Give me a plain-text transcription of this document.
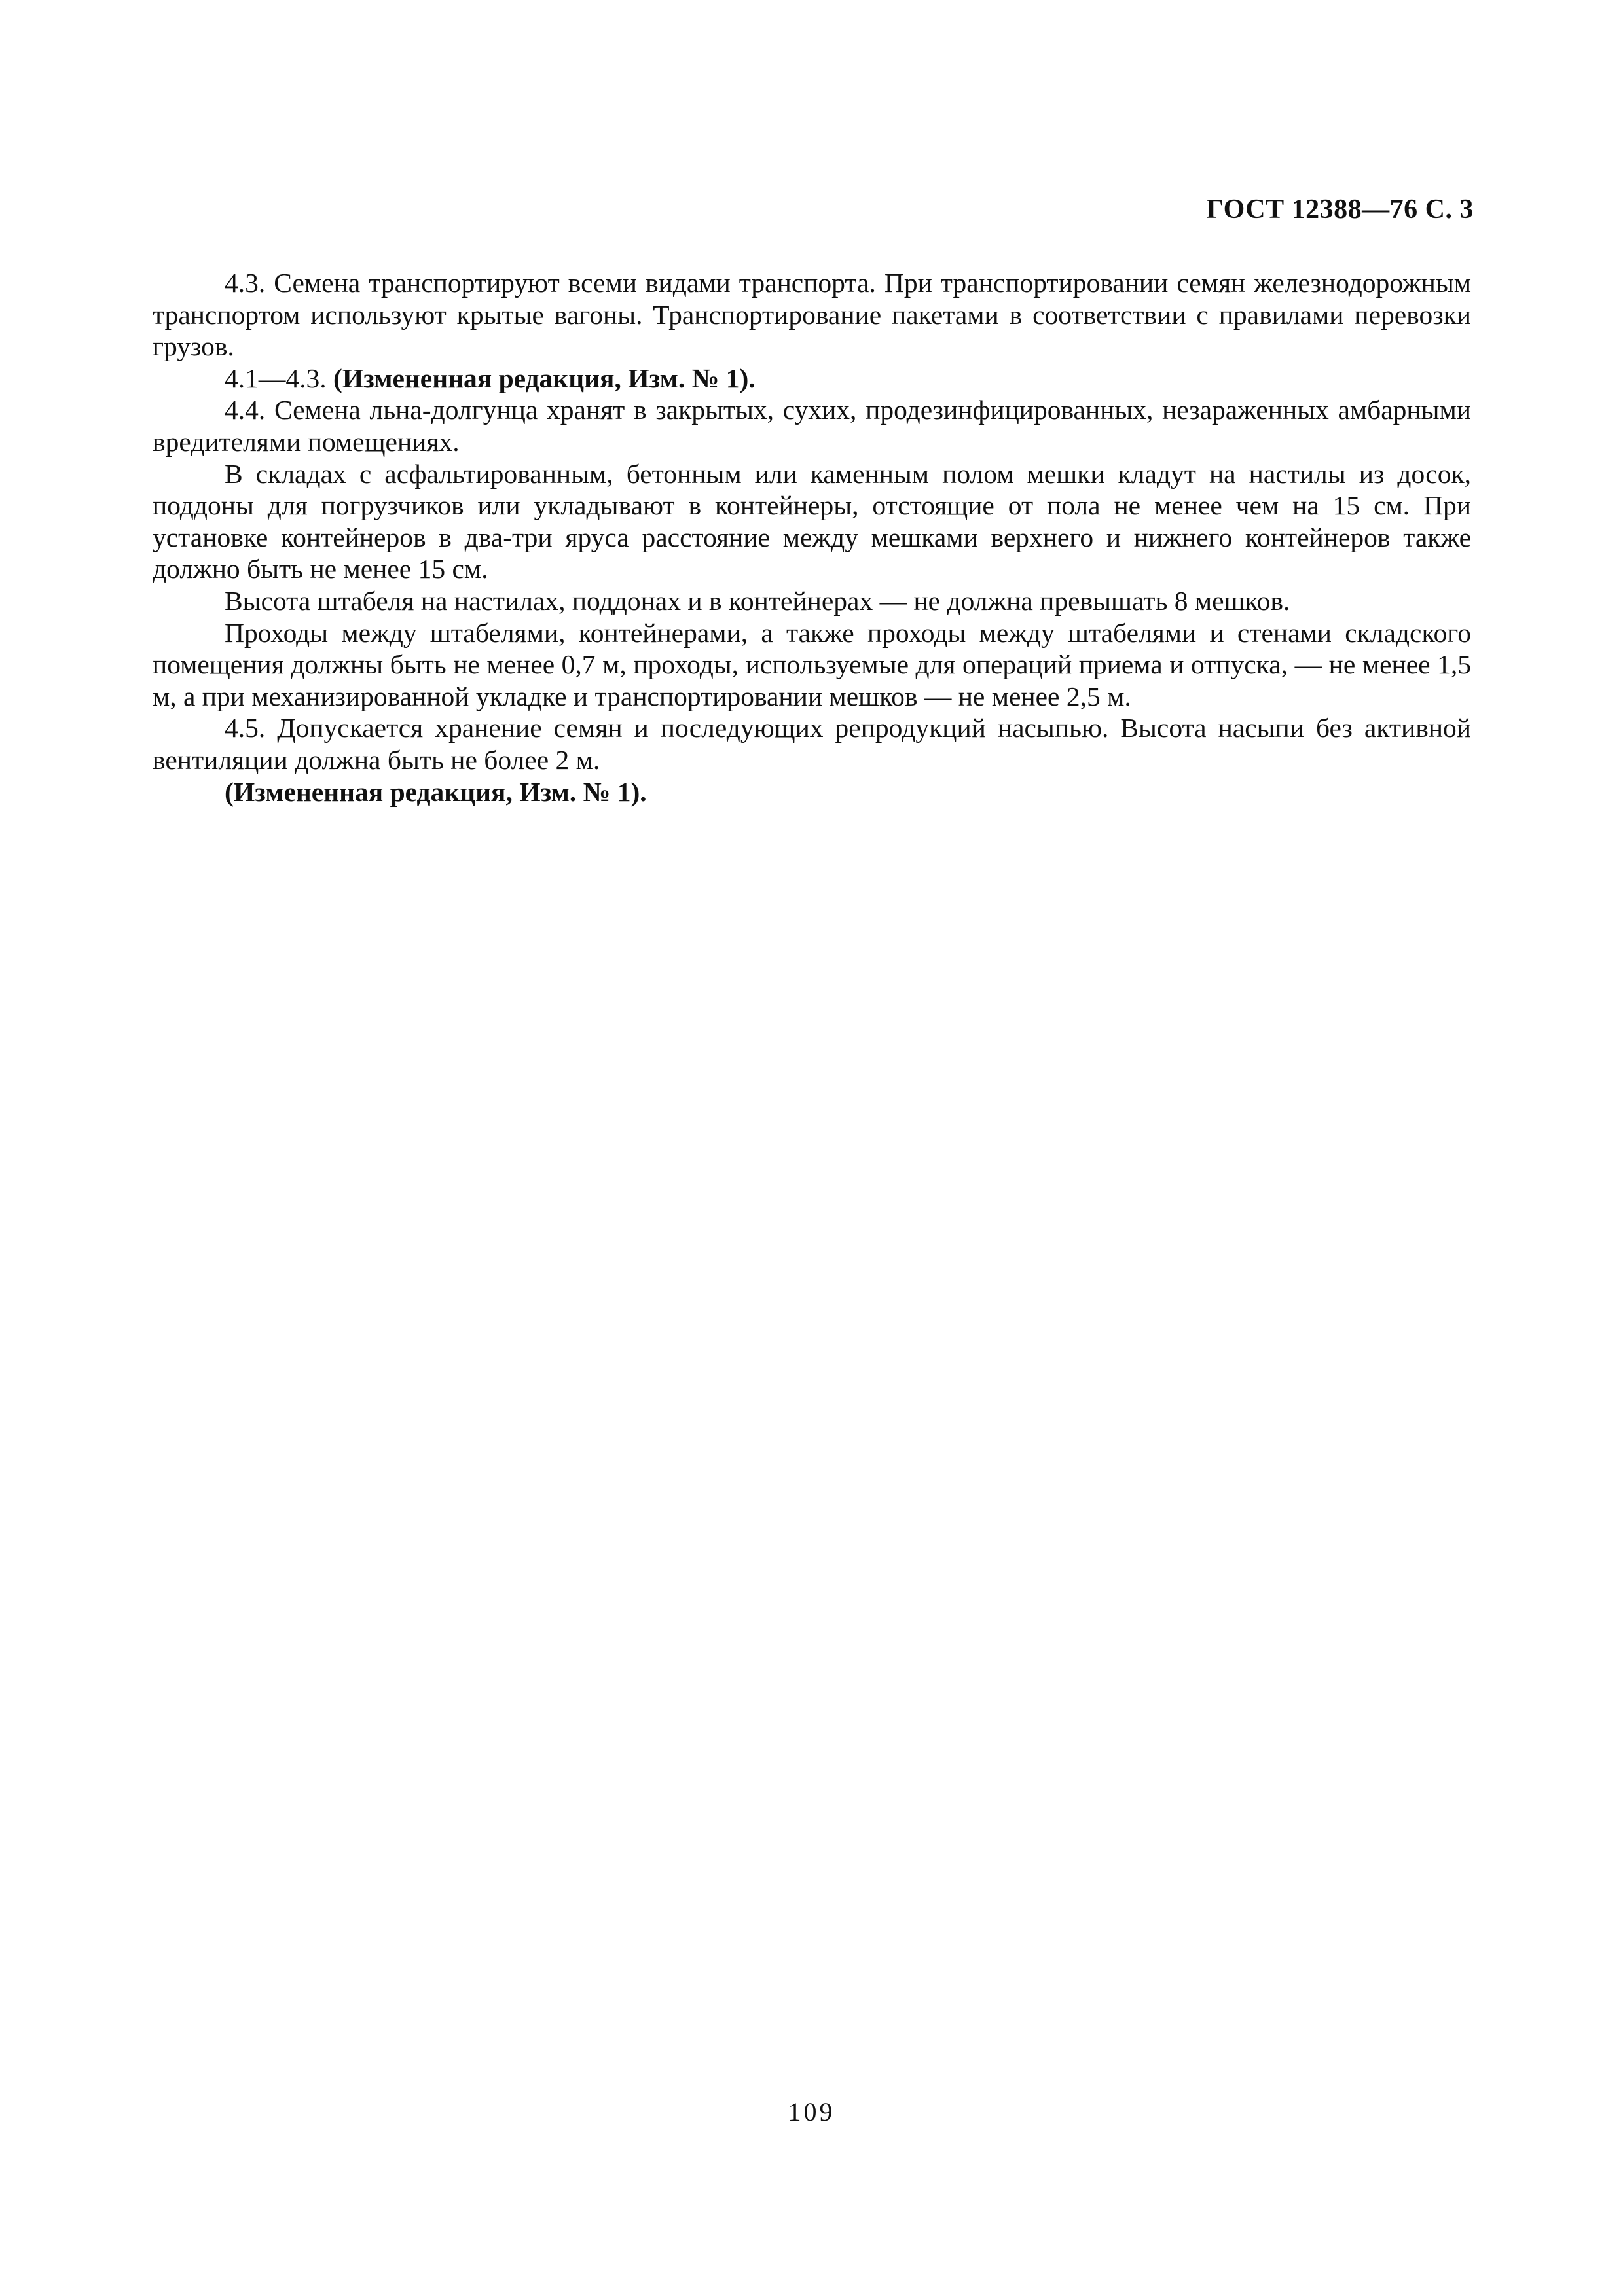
ГОСТ 12388—76 С. 3

4.3. Семена транспортируют всеми видами транспорта. При транспортировании семян железнодорожным транспортом используют крытые вагоны. Транспортирование пакетами в соответствии с правилами перевозки грузов.

4.1—4.3. (Измененная редакция, Изм. № 1).

4.4. Семена льна-долгунца хранят в закрытых, сухих, продезинфицированных, незараженных амбарными вредителями помещениях.

В складах с асфальтированным, бетонным или каменным полом мешки кладут на настилы из досок, поддоны для погрузчиков или укладывают в контейнеры, отстоящие от пола не менее чем на 15 см. При установке контейнеров в два-три яруса расстояние между мешками верхнего и нижнего контейнеров также должно быть не менее 15 см.

Высота штабеля на настилах, поддонах и в контейнерах — не должна превышать 8 мешков.

Проходы между штабелями, контейнерами, а также проходы между штабелями и стенами складского помещения должны быть не менее 0,7 м, проходы, используемые для операций приема и отпуска, — не менее 1,5 м, а при механизированной укладке и транспортировании мешков — не менее 2,5 м.

4.5. Допускается хранение семян и последующих репродукций насыпью. Высота насыпи без активной вентиляции должна быть не более 2 м.

(Измененная редакция, Изм. № 1).

109
